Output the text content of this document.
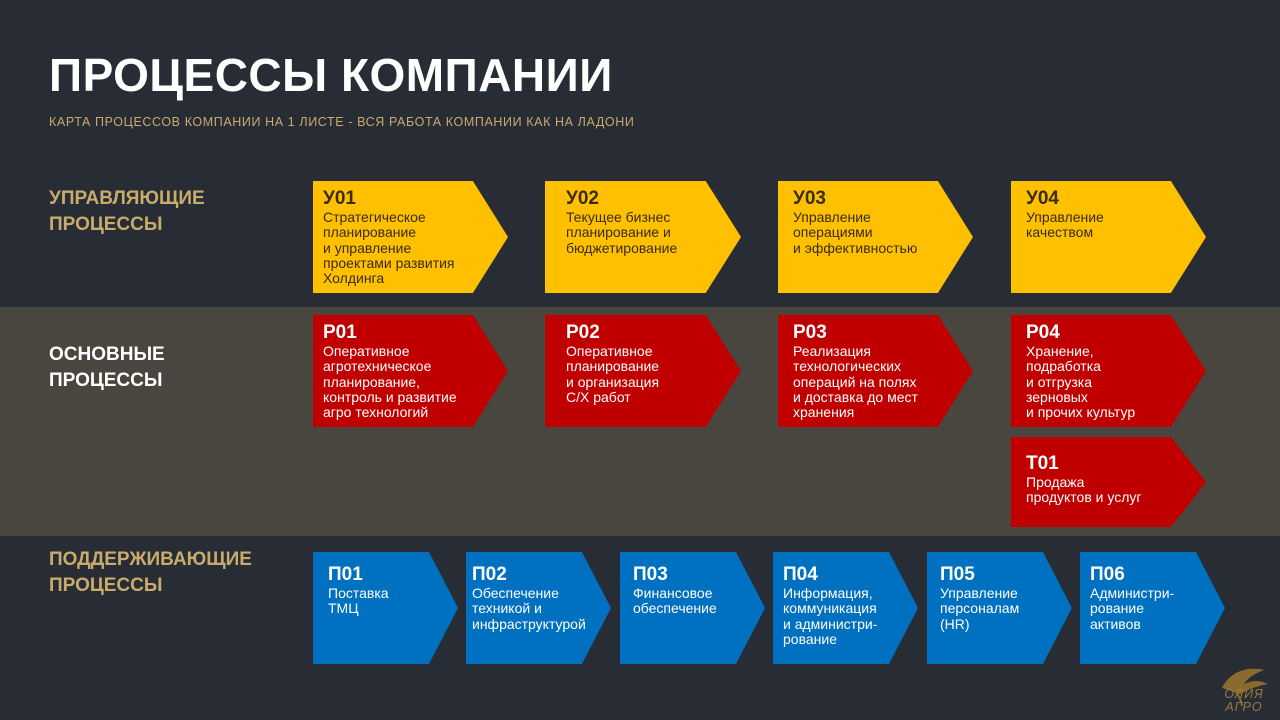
ПРОЦЕССЫ КОМПАНИИ
КАРТА ПРОЦЕССОВ КОМПАНИИ НА 1 ЛИСТЕ - ВСЯ РАБОТА КОМПАНИИ КАК НА ЛАДОНИ
УПРАВЛЯЮЩИЕ
ПРОЦЕССЫ
ОСНОВНЫЕ
ПРОЦЕССЫ
ПОДДЕРЖИВАЮЩИЕ
ПРОЦЕССЫ
У01
Стратегическое
планирование
и управление
проектами развития
Холдинга
У02
Текущее бизнес
планирование и
бюджетирование
У03
Управление
операциями
и эффективностью
У04
Управление
качеством
Р01
Оперативное
агротехническое
планирование,
контроль и развитие
агро технологий
Р02
Оперативное
планирование
и организация
С/Х работ
Р03
Реализация
технологических
операций на полях
и доставка до мест
хранения
Р04
Хранение,
подработка
и отгрузка
зерновых
и прочих культур
Т01
Продажа
продуктов и услуг
П01
Поставка
ТМЦ
П02
Обеспечение
техникой и
инфраструктурой
П03
Финансовое
обеспечение
П04
Информация,
коммуникация
и администри-
рование
П05
Управление
персоналам
(HR)
П06
Администри-
рование
активов
ОЛИЯ
АГРО
